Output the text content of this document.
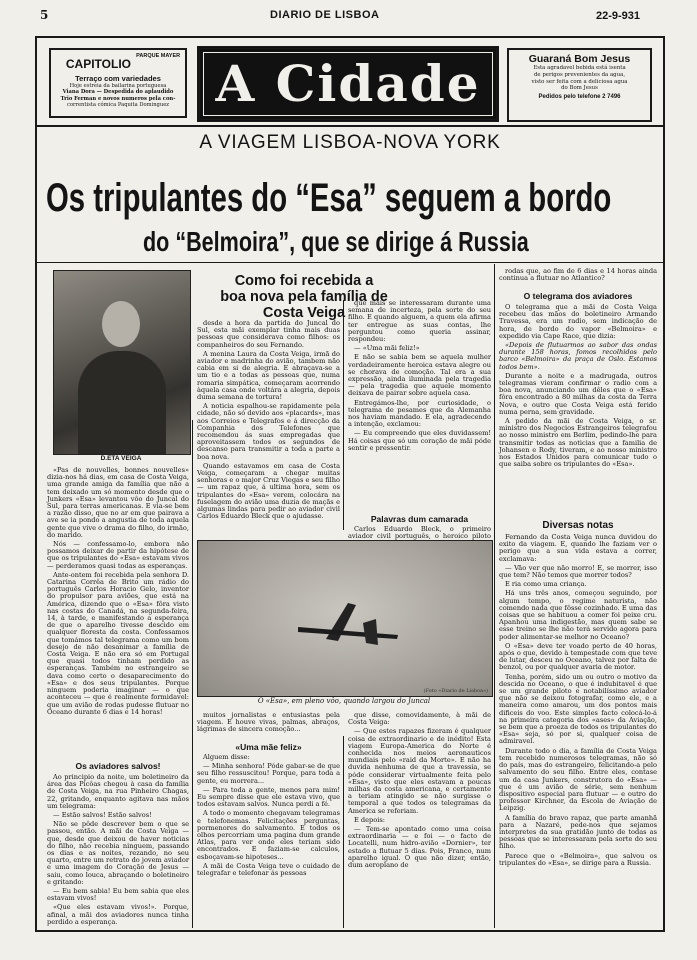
5	DIARIO DE LISBOA	22-9-931
CAPITOLIO PARQUE MAYER
Terraço com variedades
Hoje estreia da bailarina portuguesa
Viana Dora — Despedida do aplaudido
Trio Ferman e novos numeros pela con-
correntista cómica Paquita Dominguez A Cidade	Guaraná Bom Jesus
Esta agradavel bebida está isenta
de perigos prevenientes da agua,
visto ser feita com a deliciosa agua
do Bom Jesus
Pedidos pelo telefone 2 7496
A VIAGEM LISBOA-NOVA YORK
Os tripulantes do “Esa” seguem a bordo
do “Belmoira”, que se dirige á Russia
D.ETA VEIGA
Como foi recebida a boa nova pela família de Costa Veiga

«Pas de nouvelles, bonnes nouvelles» dizia-nos há dias, em casa de Costa Veiga, uma grande amiga da família que não a tem deixado um só momento desde que o Junkers «Esa» levantou vôo do Juncal do Sul, para terras americanas. E via-se bem a razão disso, que no ar em que pairava a ave se ia pondo a angustia de toda aquela gente que vive o drama do filho, do irmão, do marido.

Nós — confessamo-lo, embora não possamos deixar de partir da hipótese de que os tripulantes do «Esa» estavam vivos — perderamos quasi todas as esperanças.

Ante-ontem foi recebida pela senhora D. Catarina Corrêa de Brito um rádio do português Carlos Horacio Gelo, inventor do propulsor para aviões, que está na América, dizendo que o «Esa» fôra visto nas costas do Canadá, na segunda-feira, 14, à tarde, e manifestando a esperança de que o aparelho tivesse descido em qualquer floresta da costa. Confessamos que tomámos tal telegrama como um bom desejo de não desanimar a família de Costa Veiga. E não era só em Portugal que quasi todos tinham perdido as esperanças. Também no estrangeiro se dava como certo o desaparecimento do «Esa» e dos seus tripulantes. Porque ninguem poderia imaginar — o que aconteceu — que é realmente formidavel: que um avião de rodas pudesse flutuar no Oceano durante 6 dias e 14 horas!

Os aviadores salvos!

Ao principio da noite, um boletineiro da área das Picôas chegou à casa da família de Costa Veiga, na rua Pinheiro Chagas, 22, gritando, enquanto agitava nas mãos um telegrama:

— Estão salvos! Estão salvos!

Não se pôde descrever bem o que se passou, então. A mãi de Costa Veiga — que, desde que deixou de haver noticias do filho, não recebia ninguem, passando os dias e as noites, rezando, no seu quarto, entre um retrato do jovem aviador e uma imagem do Coração de Jesus — saiu, como louca, abraçando o boletineiro e gritando:

— Eu bem sabia! Eu bem sabia que eles estavam vivos!

«Que eles estavam vivos!». Porque, afinal, a mãi dos aviadores nunca tinha perdido a esperança.

desde a hora da partida do Juncal do Sul, esta mãi exemplar tinha mais duas pessoas que considerava como filhos: os companheiros do seu Fernando.

A menina Laura da Costa Veiga, irmã do aviador e madrinha do avião, tambem não cabia em si de alegria. E abraçava-se a um tio e a todas as pessoas que, numa romaria simpática, começaram acorrendo àquela casa onde voltára a alegria, depois duma semana de tortura!

A noticia espalhou-se rapidamente pela cidade, não só devido aos «placards», mas aos Correios e Telegrafos e á direcção da Companhia dos Telefones que recomendou ás suas empregadas que aproveitassem todos os segundos de descanso para transmitir a toda a parte a boa nova.

Quando estavamos em casa de Costa Veiga, começaram a chegar muitas senhoras e o major Cruz Viegas e seu filho — um rapaz que, á ultima hora, sem os tripulantes do «Esa» verem, colocára na fuselagem do avião uma duzia de maçãs e algumas lindas para pedir ao aviador civil Carlos Eduardo Bleck que o ajudasse.

que mais se interessaram durante uma semana de incerteza, pela sorte do seu filho. E quando alguem, a quem ela afirma ter entregue as suas contas, lhe perguntou como queria assinar, respondeu:

— «Uma mãi feliz!»

E não se sabia bem se aquela mulher verdadeiramente heroica estava alegre ou se chorava de comoção. Tal era a sua expressão, ainda iluminada pela tragedia — pela tragedia que aquele momento deixava de pairar sobre aquela casa.

Entregámos-lhe, por curiosidade, o telegrama de pesames que da Alemanha nos haviam mandado. E ela, agradecendo a intenção, exclamou:

— Eu compreendo que eles duvidassem! Há coisas que só um coração de mãi póde sentir e pressentir.

Palavras dum camarada

Carlos Eduardo Bleck, o primeiro aviador civil português, o heroico piloto

(Foto «Diario de Lisboa»)
O «Esa», em pleno vôo, quando largou do Juncal

muitos jornalistas e entusiastas pela viagem. E houve vivas, palmas, abraços, lágrimas de sincera comoção...

«Uma mãe feliz»

Alguem disse:

— Minha senhora! Póde gabar-se de que seu filho ressuscitou! Porque, para toda a gente, eu morrera...

— Para toda a gente, menos para mim! Eu sempre disse que ele estava vivo, que todos estavam salvos. Nunca perdi a fé.

A todo o momento chegavam telegramas e telefonemas. Felicitações perguntas, pormenores do salvamento. E todos os olhos percorriam uma pagina dum grande Atlas, para ver onde eles teriam sido encontrados. E faziam-se calculos, esboçavam-se hipoteses...

A mãi de Costa Veiga teve o cuidado de telegrafar e telefonar ás pessoas

que disse, comovidamente, à mãi de Costa Veiga:

— Que estes rapazes fizeram é qualquer coisa de extraordinario e de inédito! Esta viagem Europa-America do Norte é conhecida nos meios aeronauticos mundiais pelo «raid da Morte». E não ha duvida nenhuma de que a travessia, se póde considerar virtualmente feita pelo «Esa», visto que eles estavam a poucas milhas da costa americana, e certamente a teriam atingido se não surgisse o temporal a que todos os telegramas da America se referiam.

E depois:

— Tem-se apontado como uma coisa extraordinaria — e foi — o facto de Locatelli, num hidro-avião «Dornier», ter estado a flutuar 5 dias. Pois, Franco, num aparelho igual. O que não dizer, então, dum aeroplano de

rodas que, ao fim de 6 dias e 14 horas ainda continua a flutuar no Atlantico?

O telegrama dos aviadores

O telegrama que a mãi de Costa Veiga recebeu das mãos do boletineiro Armando Travessa, era um radio, sem indicação de hora, de bordo do vapor «Belmoira» e expedido via Cape Race, que dizia:

«Depois de flutuarmos ao sabor das ondas durante 158 horas, fomos recolhidos pelo barco «Belmoira» da praça de Oslo. Estamos todos bem».

Durante a noite e a madrugada, outros telegramas vieram confirmar o radio com a boa nova, anunciando um dêles que o «Esa» fôra encontrado a 80 milhas da costa da Terra Nova, e outro que Costa Veiga está ferido numa perna, sem gravidade.

A pedido da mãi de Costa Veiga, o sr. ministro dos Negocios Estrangeiros telegrafou ao nosso ministro em Berlim, pedindo-lhe para transmitir todas as noticias que a familia de Johansen e Rody, tiveram, e ao nosso ministro nos Estados Unidos para comunicar tudo o que saiba sobre os tripulantes do «Esa».

Diversas notas

Fernando da Costa Veiga nunca duvidou do exito da viagem. E, quando lhe faziam ver o perigo que a sua vida estava a correr, exclamava:

— Vão ver que não morro! E, se morrer, isso que tem? Não temos que morrer todos?

E ria como uma criança.

Há uns três anos, começou seguindo, por algum tempo, o regime naturista, não comendo nada que fôsse cozinhado. E uma das coisas que se habituou a comer foi peixe cru. Apanhou uma indigestão, mas quem sabe se esse treino se lhe não terá servido agora para poder alimentar-se melhor no Oceano?

O «Esa» deve ter voado perto de 40 horas, após o que, devido à tempestade com que teve de lutar, desceu no Oceano, talvez por falta de benzol, ou por qualquer avaria de motor.

Tenha, porém, sido um ou outro o motivo da descida no Oceano, o que é indubitavel é que se um grande piloto e notabilíssimo aviador que não se deixou fotografar, como ele, e a maneira como amarou, um dos pontos mais dificeis do voo. Este simples facto colocá-lo-á na primeira categoria dos «ases» da Aviação, se bem que a proeza de todos os tripulantes do «Esa» seja, só por si, qualquer coisa de admiravel.

Durante todo o dia, a família de Costa Veiga tem recebido numerosos telegramas, não só do país, mas do estrangeiro, felicitando-a pelo salvamento do seu filho. Entre eles, contase um da casa Junkers, construtora do «Esa» — que é um avião de série, sem nenhum dispositivo especial para flutuar — e outro do professor Kirchner, da Escola de Aviação de Leipzig.

A família do bravo rapaz, que parte amanhã para a Nazaré, pede-nos que sejamos interpretes da sua gratidão junto de todas as pessoas que se interessaram pela sorte do seu filho.

Parece que o «Belmoira», que salvou os tripulantes do «Esa», se dirige para a Russia.
